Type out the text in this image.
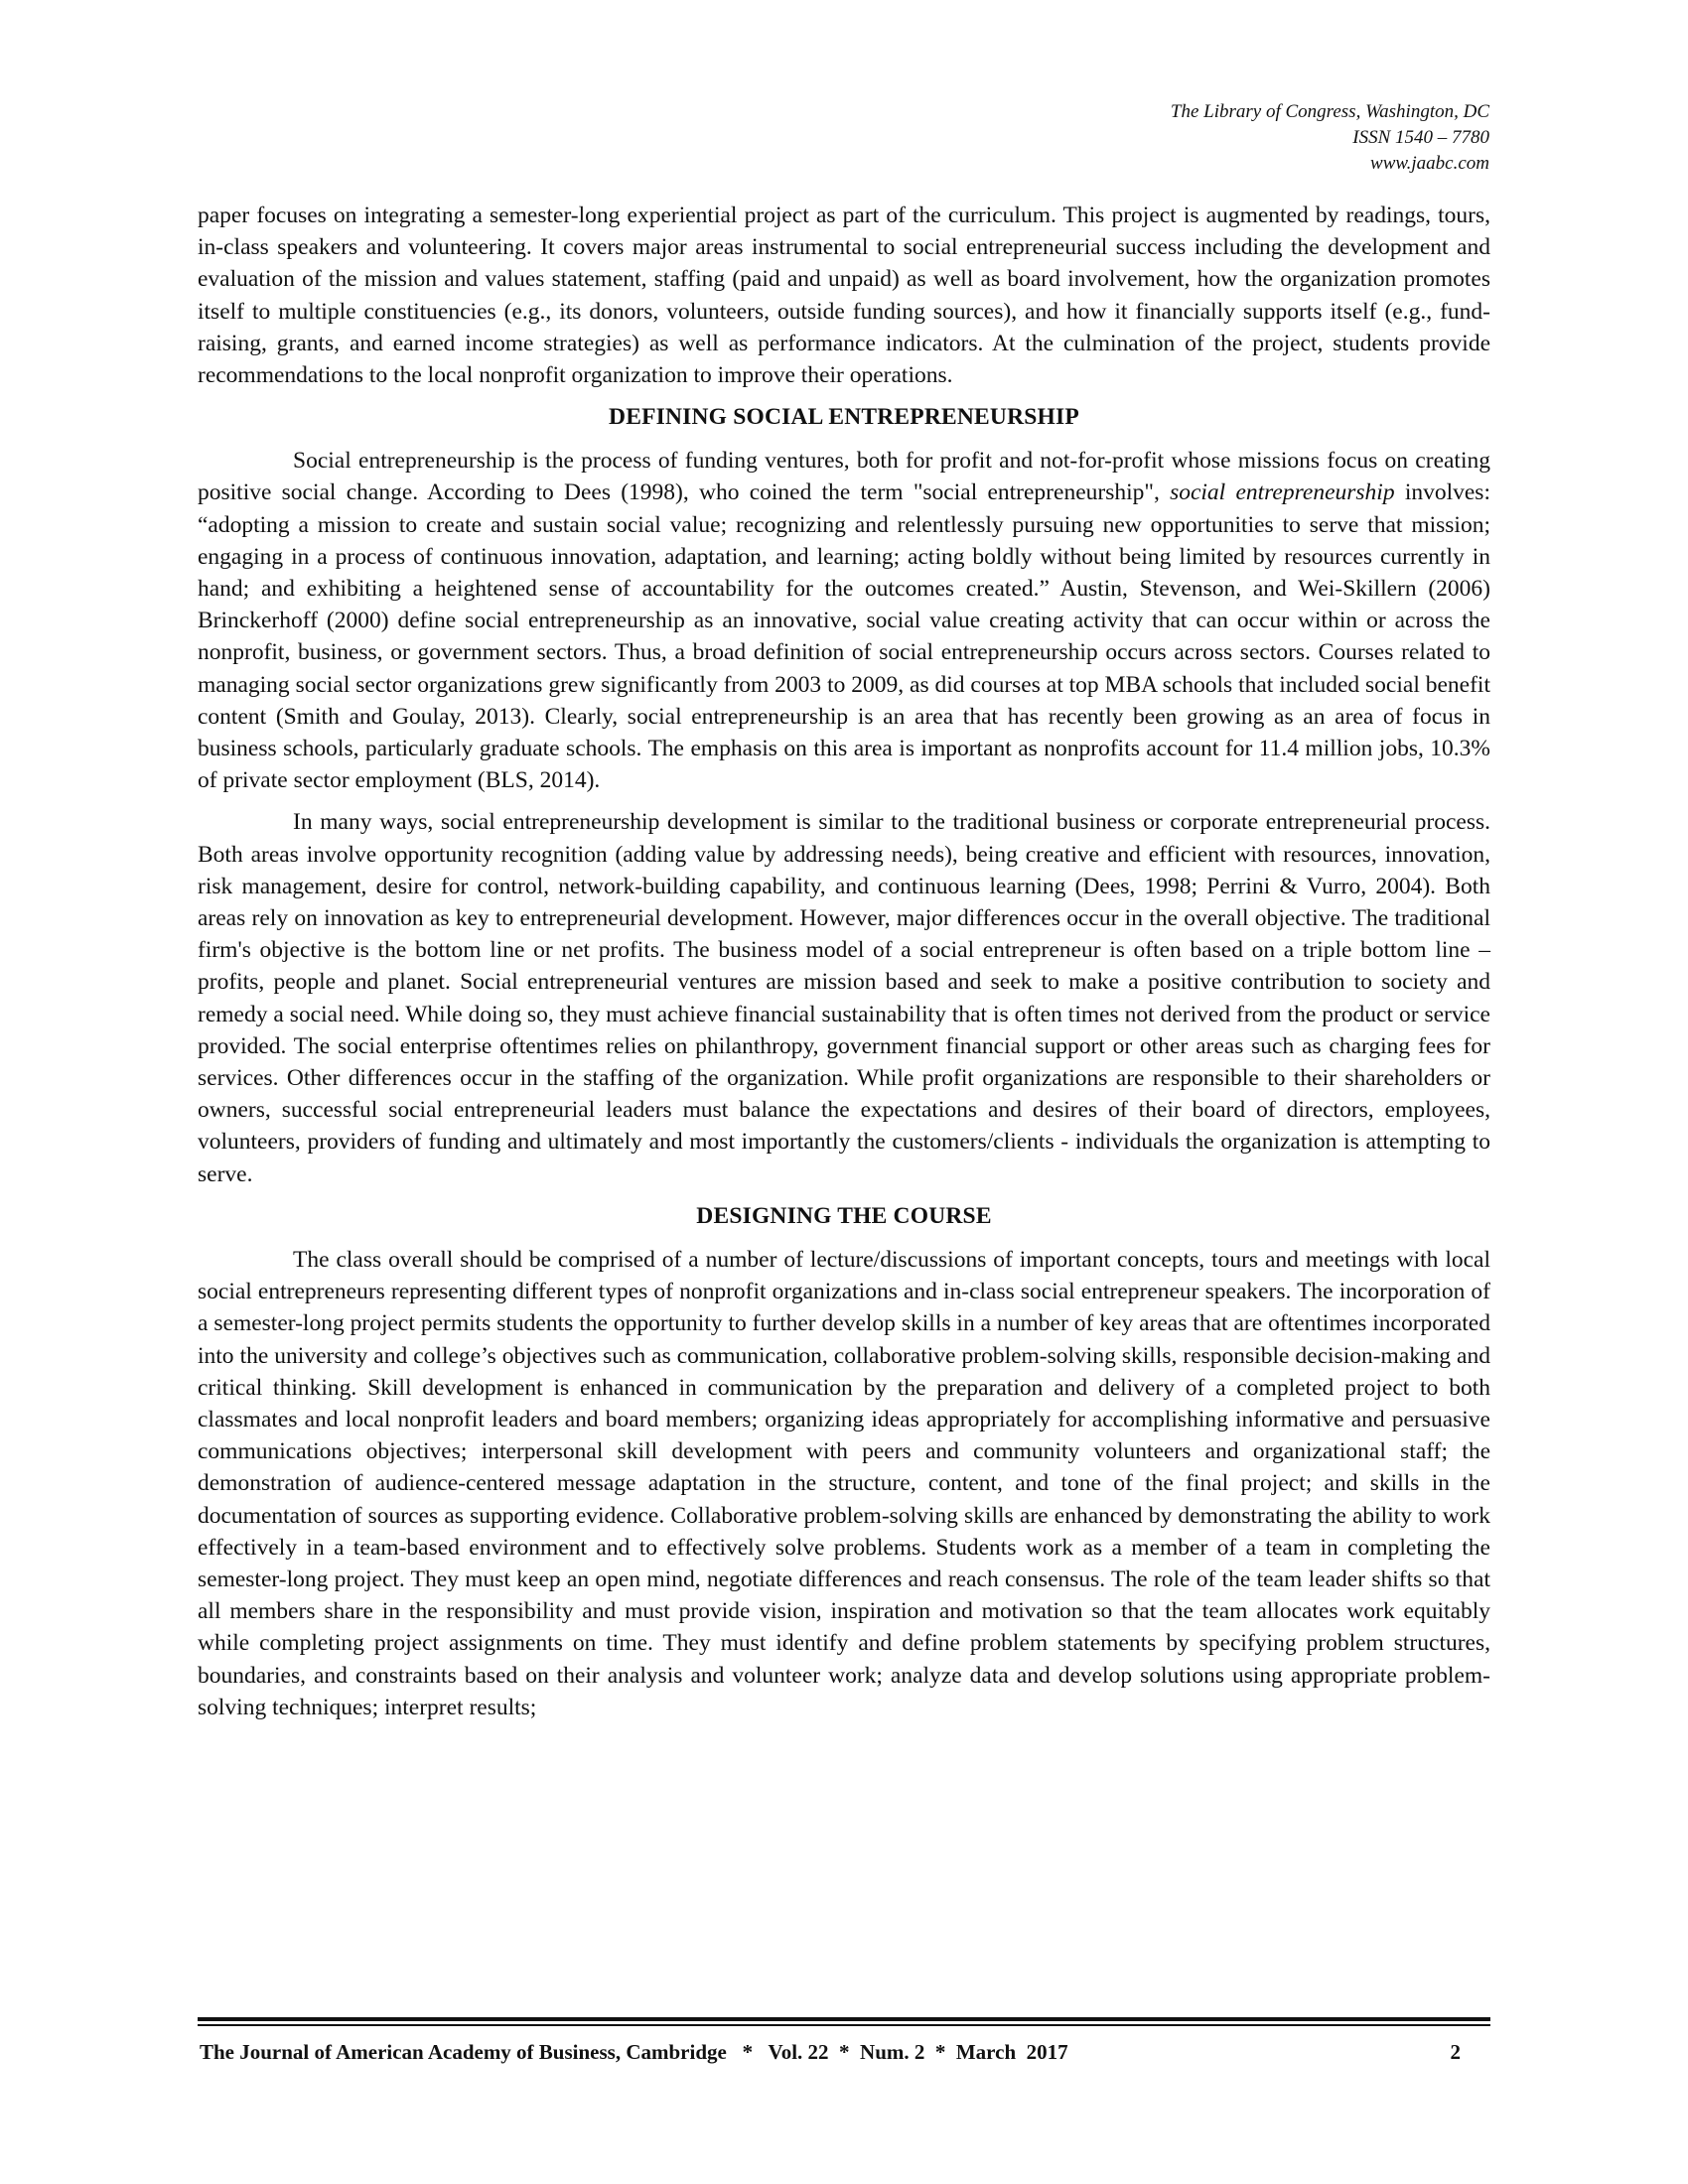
The Library of Congress, Washington, DC
ISSN 1540 – 7780
www.jaabc.com

paper focuses on integrating a semester-long experiential project as part of the curriculum. This project is augmented by readings, tours, in-class speakers and volunteering. It covers major areas instrumental to social entrepreneurial success including the development and evaluation of the mission and values statement, staffing (paid and unpaid) as well as board involvement, how the organization promotes itself to multiple constituencies (e.g., its donors, volunteers, outside funding sources), and how it financially supports itself (e.g., fund-raising, grants, and earned income strategies) as well as performance indicators. At the culmination of the project, students provide recommendations to the local nonprofit organization to improve their operations.

DEFINING SOCIAL ENTREPRENEURSHIP

Social entrepreneurship is the process of funding ventures, both for profit and not-for-profit whose missions focus on creating positive social change. According to Dees (1998), who coined the term "social entrepreneurship", social entrepreneurship involves: “adopting a mission to create and sustain social value; recognizing and relentlessly pursuing new opportunities to serve that mission; engaging in a process of continuous innovation, adaptation, and learning; acting boldly without being limited by resources currently in hand; and exhibiting a heightened sense of accountability for the outcomes created.” Austin, Stevenson, and Wei-Skillern (2006) Brinckerhoff (2000) define social entrepreneurship as an innovative, social value creating activity that can occur within or across the nonprofit, business, or government sectors. Thus, a broad definition of social entrepreneurship occurs across sectors. Courses related to managing social sector organizations grew significantly from 2003 to 2009, as did courses at top MBA schools that included social benefit content (Smith and Goulay, 2013). Clearly, social entrepreneurship is an area that has recently been growing as an area of focus in business schools, particularly graduate schools. The emphasis on this area is important as nonprofits account for 11.4 million jobs, 10.3% of private sector employment (BLS, 2014).

In many ways, social entrepreneurship development is similar to the traditional business or corporate entrepreneurial process. Both areas involve opportunity recognition (adding value by addressing needs), being creative and efficient with resources, innovation, risk management, desire for control, network-building capability, and continuous learning (Dees, 1998; Perrini & Vurro, 2004). Both areas rely on innovation as key to entrepreneurial development. However, major differences occur in the overall objective. The traditional firm's objective is the bottom line or net profits. The business model of a social entrepreneur is often based on a triple bottom line – profits, people and planet. Social entrepreneurial ventures are mission based and seek to make a positive contribution to society and remedy a social need. While doing so, they must achieve financial sustainability that is often times not derived from the product or service provided. The social enterprise oftentimes relies on philanthropy, government financial support or other areas such as charging fees for services. Other differences occur in the staffing of the organization. While profit organizations are responsible to their shareholders or owners, successful social entrepreneurial leaders must balance the expectations and desires of their board of directors, employees, volunteers, providers of funding and ultimately and most importantly the customers/clients - individuals the organization is attempting to serve.

DESIGNING THE COURSE

The class overall should be comprised of a number of lecture/discussions of important concepts, tours and meetings with local social entrepreneurs representing different types of nonprofit organizations and in-class social entrepreneur speakers. The incorporation of a semester-long project permits students the opportunity to further develop skills in a number of key areas that are oftentimes incorporated into the university and college’s objectives such as communication, collaborative problem-solving skills, responsible decision-making and critical thinking. Skill development is enhanced in communication by the preparation and delivery of a completed project to both classmates and local nonprofit leaders and board members; organizing ideas appropriately for accomplishing informative and persuasive communications objectives; interpersonal skill development with peers and community volunteers and organizational staff; the demonstration of audience-centered message adaptation in the structure, content, and tone of the final project; and skills in the documentation of sources as supporting evidence. Collaborative problem-solving skills are enhanced by demonstrating the ability to work effectively in a team-based environment and to effectively solve problems. Students work as a member of a team in completing the semester-long project. They must keep an open mind, negotiate differences and reach consensus. The role of the team leader shifts so that all members share in the responsibility and must provide vision, inspiration and motivation so that the team allocates work equitably while completing project assignments on time. They must identify and define problem statements by specifying problem structures, boundaries, and constraints based on their analysis and volunteer work; analyze data and develop solutions using appropriate problem-solving techniques; interpret results;

The Journal of American Academy of Business, Cambridge   *   Vol. 22  *  Num. 2  *  March  2017	2
